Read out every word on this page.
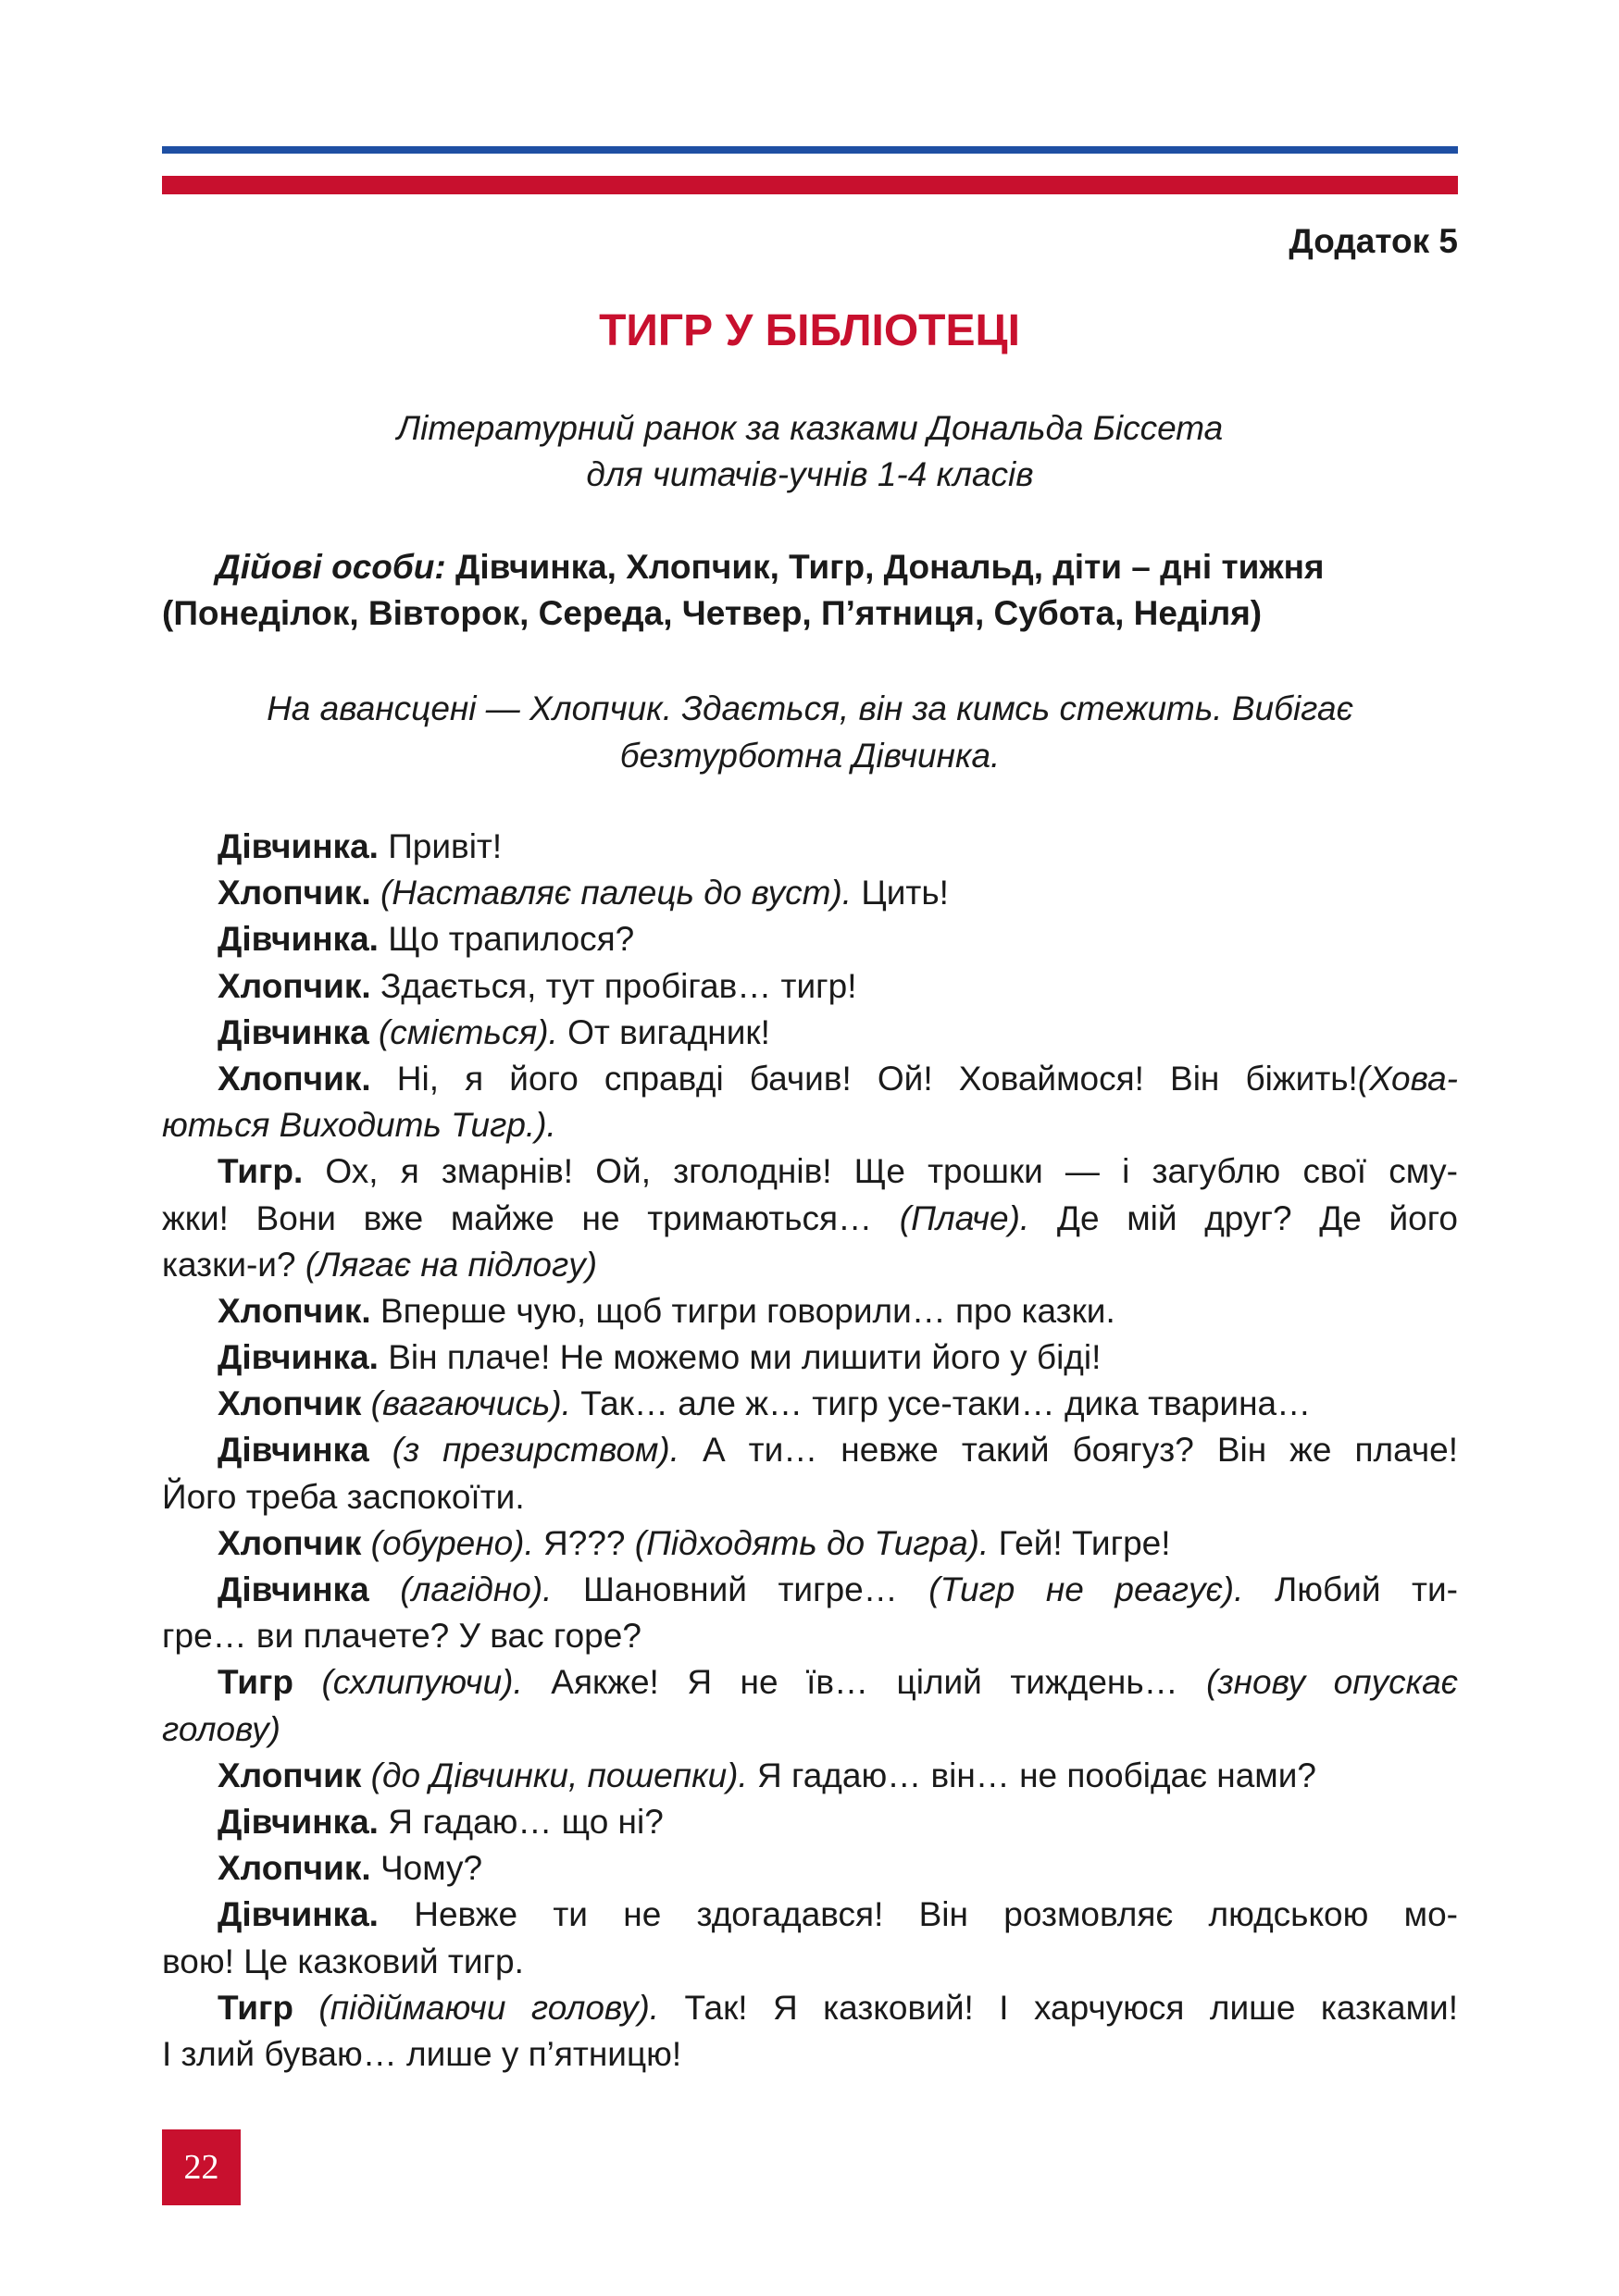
Додаток 5
ТИГР У БІБЛІОТЕЦІ
Літературний ранок за казками Дональда Біссета
для читачів-учнів 1-4 класів
Дійові особи: Дівчинка, Хлопчик, Тигр, Дональд, діти – дні тижня
(Понеділок, Вівторок, Середа, Четвер, П’ятниця, Субота, Неділя)
На авансцені — Хлопчик. Здається, він за кимсь стежить. Вибігає
безтурботна Дівчинка.
Дівчинка. Привіт!
Хлопчик. (Наставляє палець до вуст). Цить!
Дівчинка. Що трапилося?
Хлопчик. Здається, тут пробігав… тигр!
Дівчинка (сміється). От вигадник!
Хлопчик. Ні, я його справді бачив! Ой! Ховаймося! Він біжить!(Хова-
ються Виходить Тигр.).
Тигр. Ох, я змарнів! Ой, зголоднів! Ще трошки — і загублю свої смy-
жки! Вони вже майже не тримаються… (Плаче). Де мій друг? Де його
казки-и? (Лягає на підлогу)
Хлопчик. Вперше чую, щоб тигри говорили… про казки.
Дівчинка. Він плаче! Не можемо ми лишити його у біді!
Хлопчик (вагаючись). Так… але ж… тигр усе-таки… дика тварина…
Дівчинка (з презирством). А ти… невже такий боягуз? Він же плаче!
Його треба заспокоїти.
Хлопчик (обурено). Я??? (Підходять до Тигра). Гей! Тигре!
Дівчинка (лагідно). Шановний тигре… (Тигр не реагує). Любий ти-
гре… ви плачете? У вас горе?
Тигр (схлипуючи). Аякже! Я не їв… цілий тиждень… (знову опускає
голову)
Хлопчик (до Дівчинки, пошепки). Я гадаю… він… не пообідає нами?
Дівчинка. Я гадаю… що ні?
Хлопчик. Чому?
Дівчинка. Невже ти не здогадався! Він розмовляє людською мо-
вою! Це казковий тигр.
Тигр (підіймаючи голову). Так! Я казковий! І харчуюся лише казками!
І злий буваю… лише у п’ятницю!
22
